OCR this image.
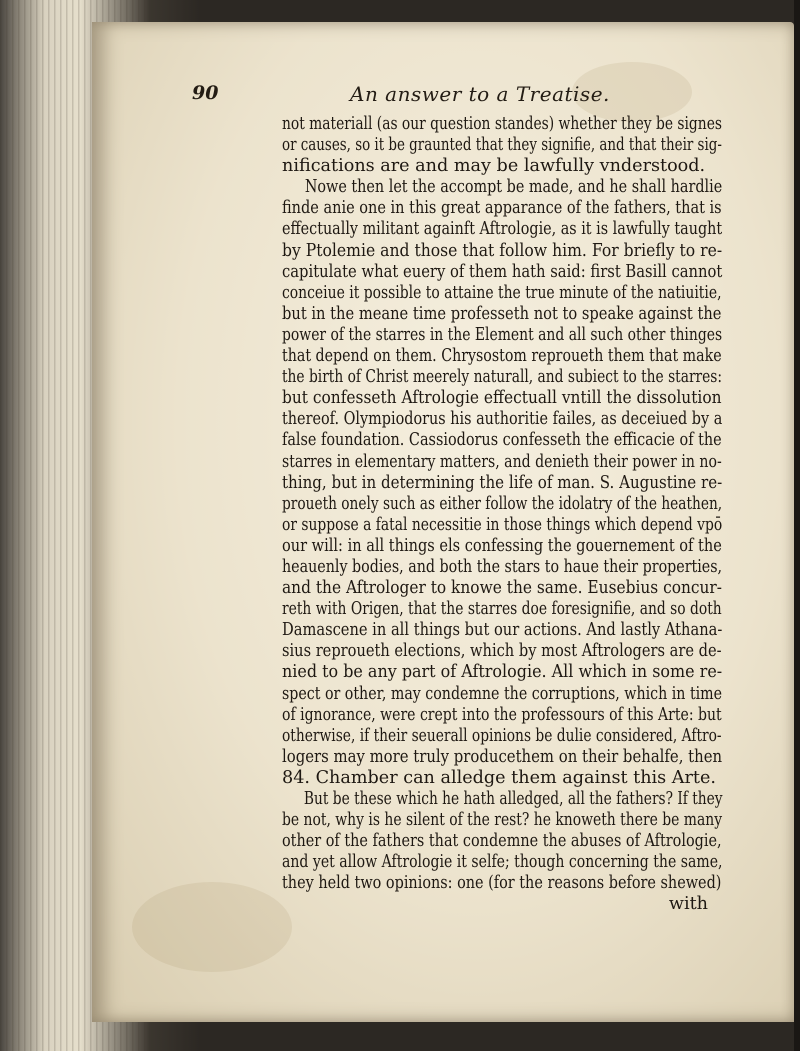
90	An answer to a Treatise.
not materiall (as our question standes) whether they be signes
or causes, so it be graunted that they signifie, and that their sig-
nifications are and may be lawfully vnderstood.
Nowe then let the accompt be made, and he shall hardlie
finde anie one in this great apparance of the fathers, that is
effectually militant againft Aftrologie, as it is lawfully taught
by Ptolemie and those that follow him. For briefly to re-
capitulate what euery of them hath said: first Basill cannot
conceiue it possible to attaine the true minute of the natiuitie,
but in the meane time professeth not to speake against the
power of the starres in the Element and all such other thinges
that depend on them. Chrysostom reproueth them that make
the birth of Christ meerely naturall, and subiect to the starres:
but confesseth Aftrologie effectuall vntill the dissolution
thereof. Olympiodorus his authoritie failes, as deceiued by a
false foundation. Cassiodorus confesseth the efficacie of the
starres in elementary matters, and denieth their power in no-
thing, but in determining the life of man. S. Augustine re-
proueth onely such as either follow the idolatry of the heathen,
or suppose a fatal necessitie in those things which depend vpō
our will: in all things els confessing the gouernement of the
heauenly bodies, and both the stars to haue their properties,
and the Aftrologer to knowe the same. Eusebius concur-
reth with Origen, that the starres doe foresignifie, and so doth
Damascene in all things but our actions. And lastly Athana-
sius reproueth elections, which by most Aftrologers are de-
nied to be any part of Aftrologie. All which in some re-
spect or other, may condemne the corruptions, which in time
of ignorance, were crept into the professours of this Arte: but
otherwise, if their seuerall opinions be dulie considered, Aftro-
logers may more truly producethem on their behalfe, then
84. Chamber can alledge them against this Arte.
But be these which he hath alledged, all the fathers? If they
be not, why is he silent of the rest? he knoweth there be many
other of the fathers that condemne the abuses of Aftrologie,
and yet allow Aftrologie it selfe; though concerning the same,
they held two opinions: one (for the reasons before shewed)
with
